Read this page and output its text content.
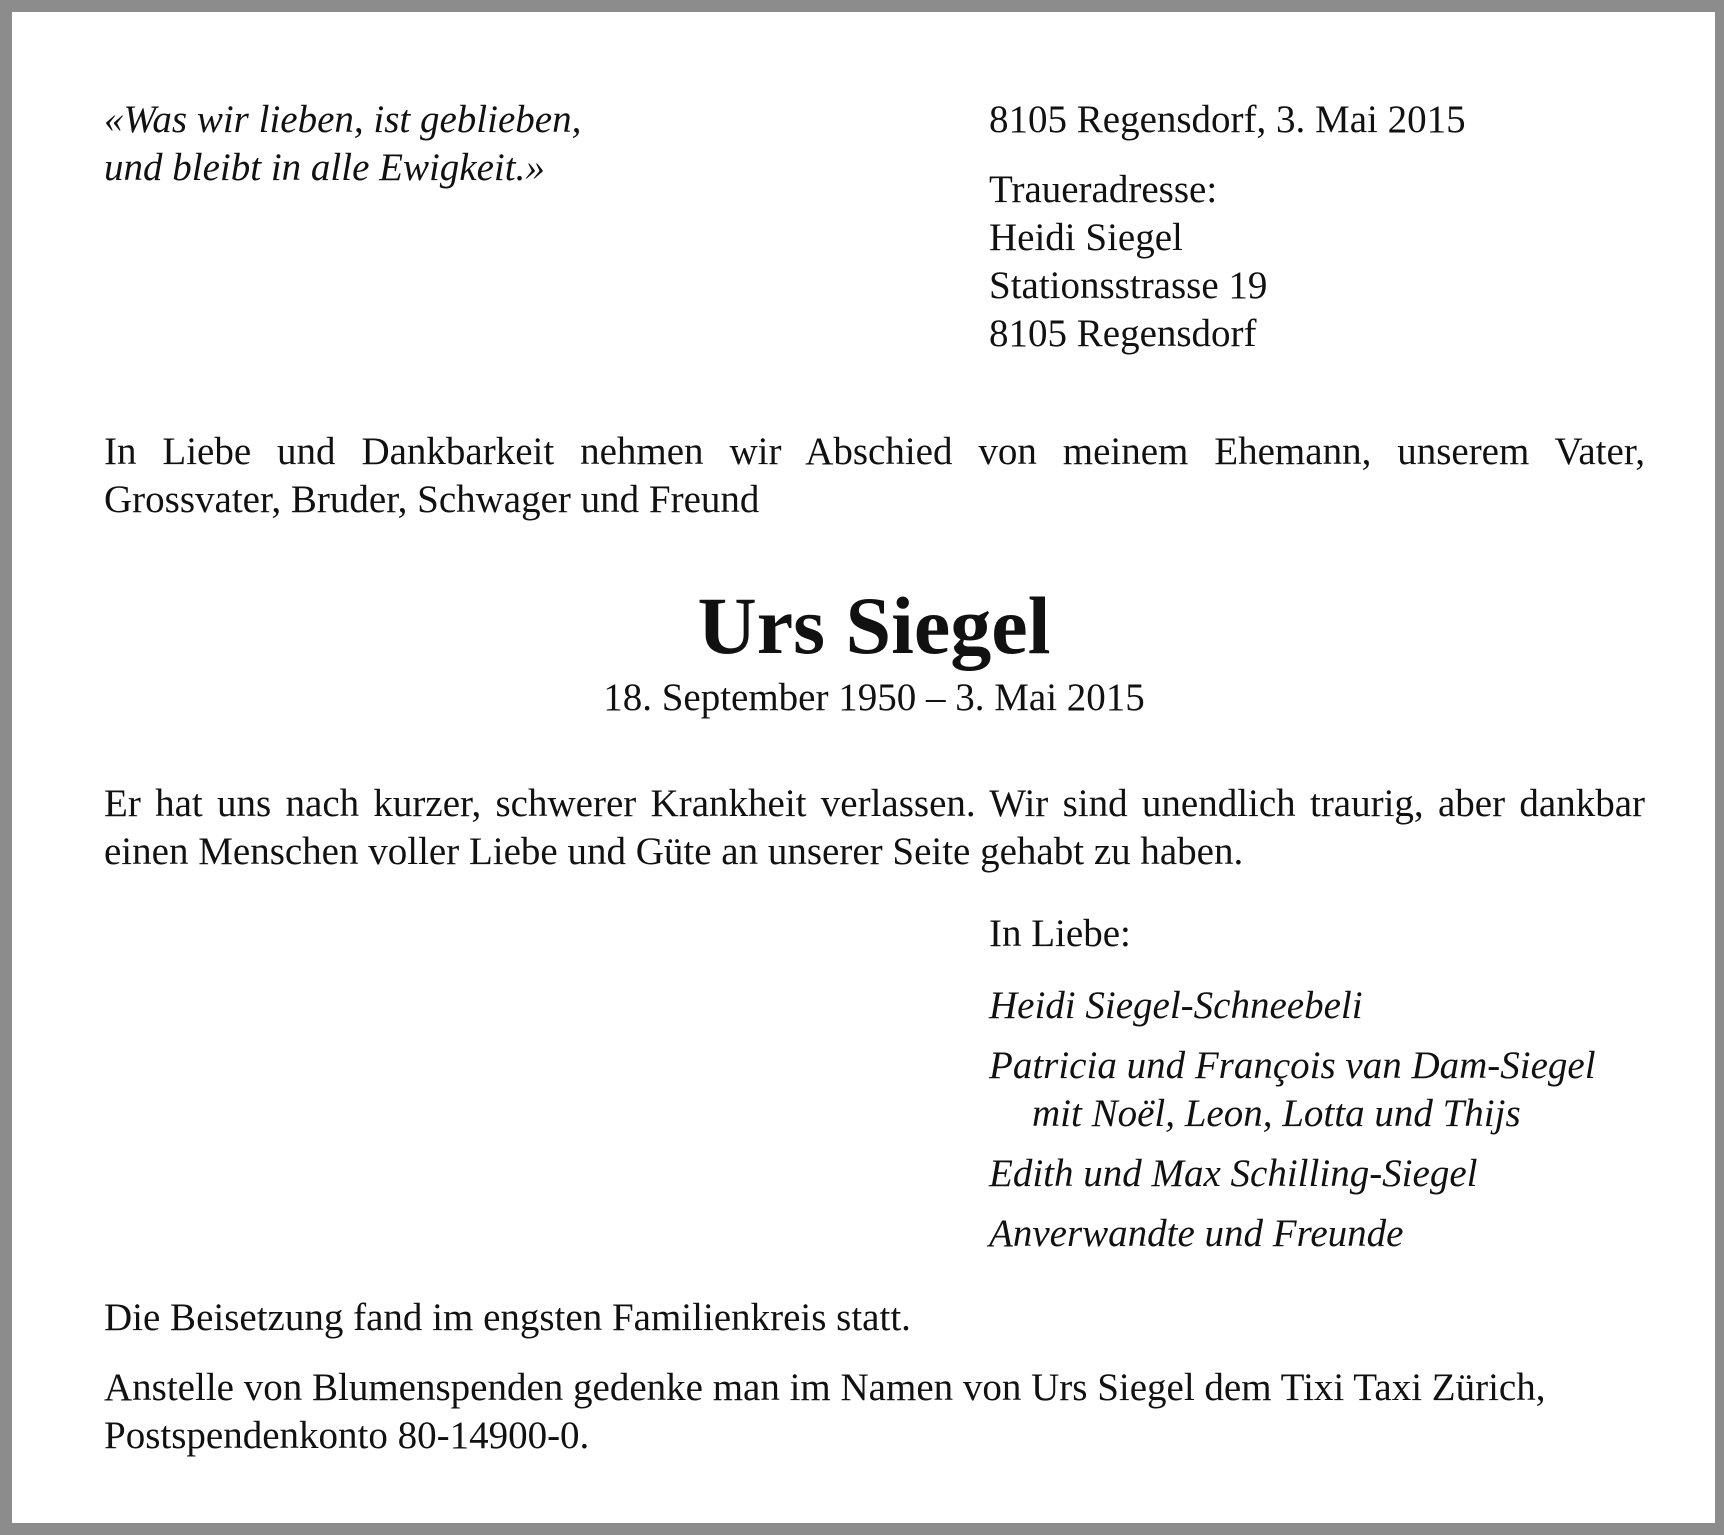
«Was wir lieben, ist geblieben,
und bleibt in alle Ewigkeit.»
8105 Regensdorf, 3. Mai 2015
Traueradresse:
Heidi Siegel
Stationsstrasse 19
8105 Regensdorf
In Liebe und Dankbarkeit nehmen wir Abschied von meinem Ehemann, unserem Vater, Grossvater, Bruder, Schwager und Freund
Urs Siegel
18. September 1950 – 3. Mai 2015
Er hat uns nach kurzer, schwerer Krankheit verlassen. Wir sind unendlich traurig, aber dankbar einen Menschen voller Liebe und Güte an unserer Seite gehabt zu haben.
In Liebe:
Heidi Siegel-Schneebeli
Patricia und François van Dam-Siegel
mit Noël, Leon, Lotta und Thijs
Edith und Max Schilling-Siegel
Anverwandte und Freunde
Die Beisetzung fand im engsten Familienkreis statt.
Anstelle von Blumenspenden gedenke man im Namen von Urs Siegel dem Tixi Taxi Zürich,
Postspendenkonto 80-14900-0.
